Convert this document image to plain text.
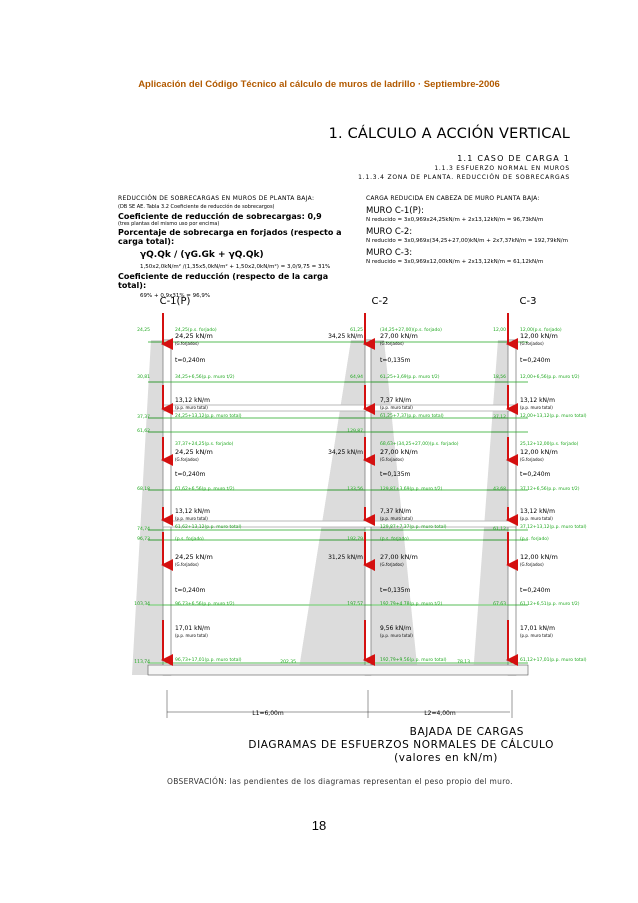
Aplicación del Código Técnico al cálculo de muros de ladrillo · Septiembre-2006
1. CÁLCULO A ACCIÓN VERTICAL
1.1 CASO DE CARGA 1
1.1.3 ESFUERZO NORMAL EN MUROS
1.1.3.4 ZONA DE PLANTA. REDUCCIÓN DE SOBRECARGAS
REDUCCIÓN DE SOBRECARGAS EN MUROS DE PLANTA BAJA:
(DB SE AE. Tabla 3.2 Coeficiente de reducción de sobrecargos)
Coeficiente de reducción de sobrecargas: 0,9
(tres plantas del mismo uso por encima)
Porcentaje de sobrecarga en forjados (respecto a carga total):
γQ.Qk / (γG.Gk + γQ.Qk)
1,50x2,0kN/m² /(1,35x5,0kN/m² + 1,50x2,0kN/m²) = 3,0/9,75 = 31%
Coeficiente de reducción (respecto de la carga total):
69% + 0,9x31% = 96,9%
CARGA REDUCIDA EN CABEZA DE MURO PLANTA BAJA:
MURO C-1(P):
N reducido = 3x0,969x24,25kN/m + 2x13,12kN/m = 96,73kN/m
MURO C-2:
N reducido = 3x0,969x(34,25+27,00)kN/m + 2x7,37kN/m = 192,79kN/m
MURO C-3:
N reducido = 3x0,969x12,00kN/m + 2x13,12kN/m = 61,12kN/m
C-1(P)	C-2	C-3
24,25(p.s. forjado)
24,25 kN/m
(G.forjados)
t=0,240m
34,25+6,56(p.p. muro t/2)
(34,25+27,00)(p.s. forjado)
27,00 kN/m
(G.forjados)
t=0,135m
61,25+3,69(p.p. muro t/2)
34,25 kN/m
12,00(p.s. forjado)
12,00 kN/m
(G.forjados)
t=0,240m
12,00+6,56(p.p. muro t/2)
24,25
30,81
61,25
64,94
12,00
18,56
13,12 kN/m
(p.p. muro total)
24,25+13,12(p.p. muro total)
37,37+24,25(p.s. forjado)
24,25 kN/m
(G.forjados)
t=0,240m
61,62+6,56(p.p. muro t/2)
7,37 kN/m
(p.p. muro total)
61,25+7,37(p.p. muro total)
68,63+(34,25+27,00)(p.s. forjado)
27,00 kN/m
(G.forjados)
t=0,135m
129,87+3,69(p.p. muro t/2)
34,25 kN/m
13,12 kN/m
(p.p. muro total)
12,00+13,12(p.p. muro total)
25,12+12,00(p.s. forjado)
12,00 kN/m
(G.forjados)
t=0,240m
37,12+6,56(p.p. muro t/2)
37,37
61,62
68,18
129,87
133,56
37,12
43,68
13,12 kN/m
(p.p. muro total)
61,62+13,12(p.p. muro total)
(p.s. forjado)
24,25 kN/m
(G.forjados)
t=0,240m
96,73+6,56(p.p. muro t/2)
7,37 kN/m
(p.p. muro total)
129,87+7,37(p.p. muro total)
(p.s. forjado)
27,00 kN/m
(G.forjados)
t=0,135m
192,79+4,78(p.p. muro t/2)
31,25 kN/m
13,12 kN/m
(p.p. muro total)
37,12+13,12(p.p. muro total)
(p.s. forjado)
12,00 kN/m
(G.forjados)
t=0,240m
61,12+6,51(p.p. muro t/2)
74,74
96,73
103,34
192,79
197,57
61,12
67,63
17,01 kN/m
(p.p. muro total)
96,73+17,01(p.p. muro total)
9,56 kN/m
(p.p. muro total)
192,79+9,56(p.p. muro total)
17,01 kN/m
(p.p. muro total)
61,12+17,01(p.p. muro total)
113,74	202,35	78,13
L1=6,00m	L2=4,00m
BAJADA DE CARGAS
DIAGRAMAS DE ESFUERZOS NORMALES DE CÁLCULO
(valores en kN/m)
OBSERVACIÓN: las pendientes de los diagramas representan el peso propio del muro.
18
